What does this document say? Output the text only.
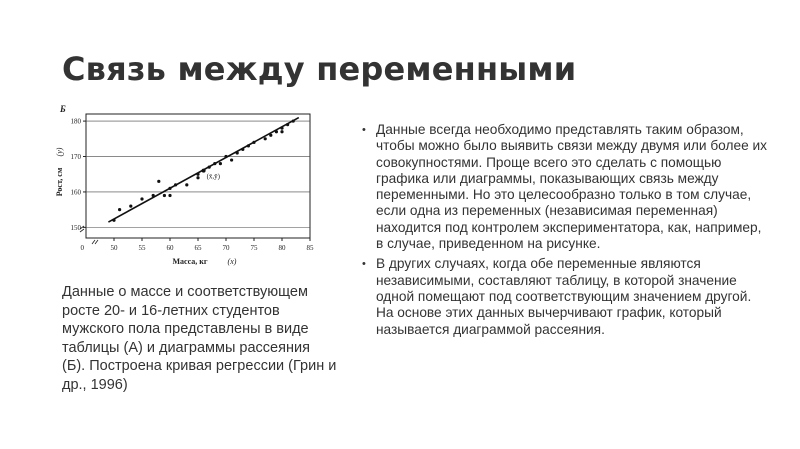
Связь между переменными
150
160
170
180
50	55	60	65	70	75	80	85
0
(x̄,ȳ)
Б
Масса, кг	(x)
Рост, см
(y)
Данные о массе и соответствующем росте 20- и 16-летних студентов мужского пола представлены в виде таблицы (А) и диаграммы рассеяния (Б). Построена кривая регрессии (Грин и др., 1996)
• Данные всегда необходимо представлять таким образом, чтобы можно было выявить связи между двумя или более их совокупностями. Проще всего это сделать с помощью графика или диаграммы, показывающих связь между переменными. Но это целесообразно только в том случае, если одна из переменных (независимая переменная) находится под контролем экспериментатора, как, например, в случае, приведенном на рисунке.
• В других случаях, когда обе переменные являются независимыми, составляют таблицу, в которой значение одной помещают под соответствующим значением другой. На основе этих данных вычерчивают график, который называется диаграммой рассеяния.
